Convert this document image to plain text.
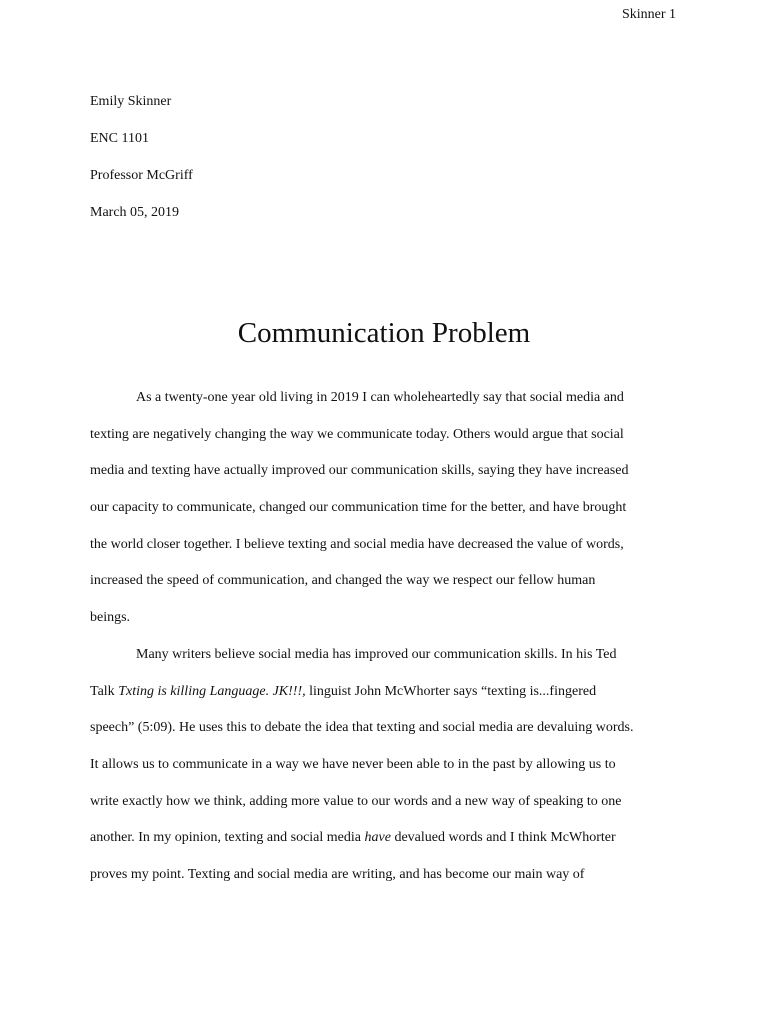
Skinner 1
Emily Skinner
ENC 1101
Professor McGriff
March 05, 2019
Communication Problem
As a twenty-one year old living in 2019 I can wholeheartedly say that social media and
texting are negatively changing the way we communicate today. Others would argue that social
media and texting have actually improved our communication skills, saying they have increased
our capacity to communicate, changed our communication time for the better, and have brought
the world closer together. I believe texting and social media have decreased the value of words,
increased the speed of communication, and changed the way we respect our fellow human
beings.
Many writers believe social media has improved our communication skills. In his Ted
Talk Txting is killing Language. JK!!!, linguist John McWhorter says “texting is...fingered
speech” (5:09). He uses this to debate the idea that texting and social media are devaluing words.
It allows us to communicate in a way we have never been able to in the past by allowing us to
write exactly how we think, adding more value to our words and a new way of speaking to one
another. In my opinion, texting and social media have devalued words and I think McWhorter
proves my point. Texting and social media are writing, and has become our main way of
